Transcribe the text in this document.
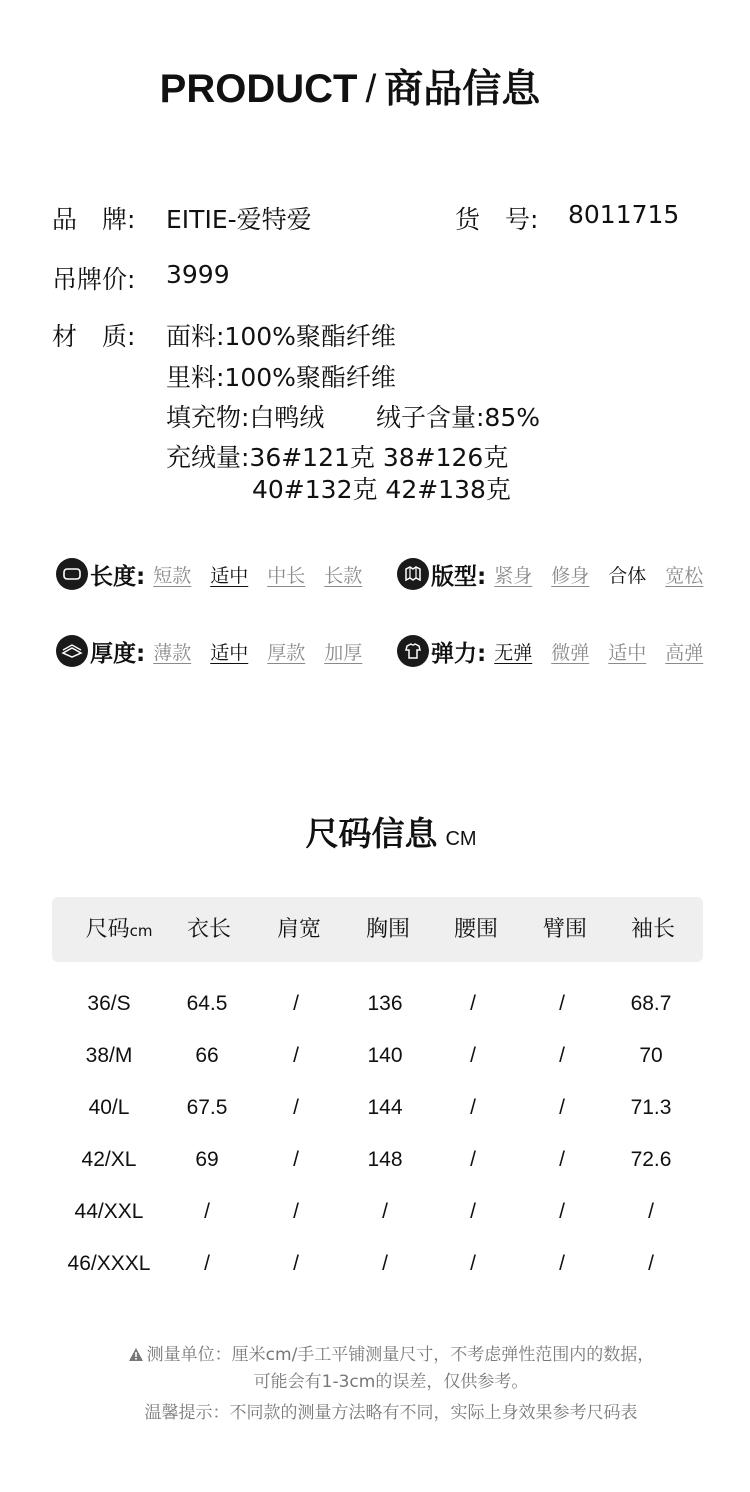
PRODUCT / 商品信息
品　牌: EITIE-爱特爱	货　号: 8011715
吊牌价: 3999
材　质: 面料:100%聚酯纤维
里料:100%聚酯纤维
填充物:白鸭绒 绒子含量:85%
充绒量:36#121克 38#126克
40#132克 42#138克
长度: 短款 适中 中长 长款	版型: 紧身 修身 合体 宽松
厚度: 薄款 适中 厚款 加厚	弹力: 无弹 微弹 适中 高弹
尺码信息 CM
尺码cm	衣长	肩宽	胸围	腰围	臂围	袖长
36/S	64.5	/	136	/	/	68.7
38/M	66	/	140	/	/	70
40/L	67.5	/	144	/	/	71.3
42/XL	69	/	148	/	/	72.6
44/XXL	/	/	/	/	/	/
46/XXXL	/	/	/	/	/	/
测量单位：厘米cm/手工平铺测量尺寸，不考虑弹性范围内的数据，
可能会有1-3cm的误差，仅供参考。
温馨提示：不同款的测量方法略有不同，实际上身效果参考尺码表
